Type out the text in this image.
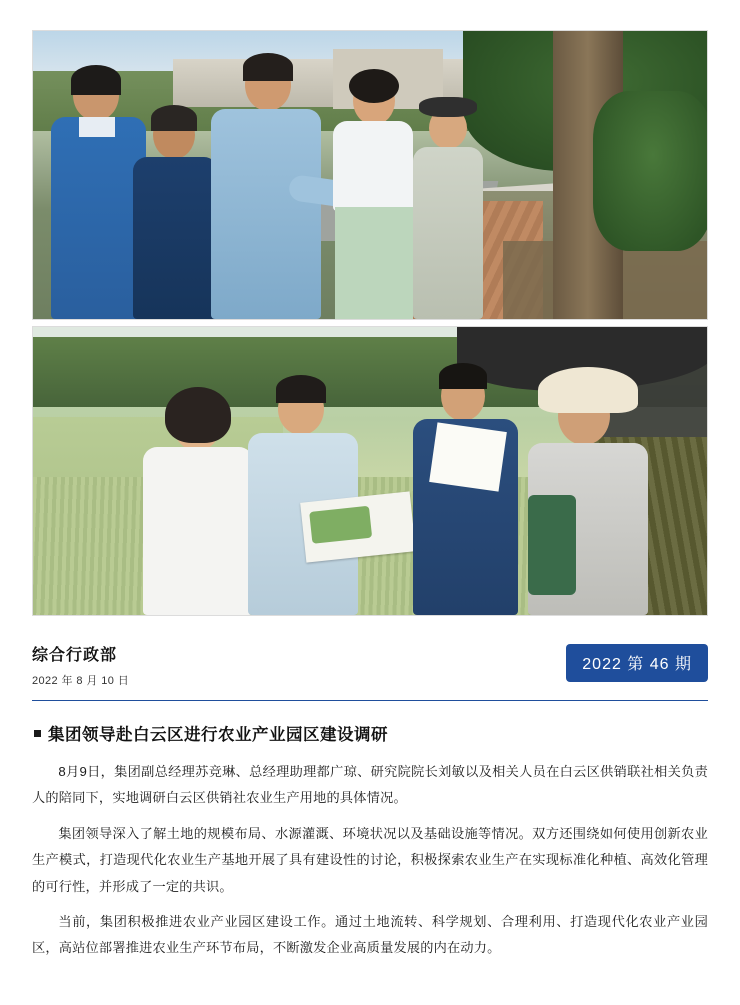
综合行政部
2022 年 8 月 10 日
2022 第 46 期
集团领导赴白云区进行农业产业园区建设调研

8月9日，集团副总经理苏竞琳、总经理助理都广琼、研究院院长刘敏以及相关人员在白云区供销联社相关负责人的陪同下，实地调研白云区供销社农业生产用地的具体情况。

集团领导深入了解土地的规模布局、水源灌溉、环境状况以及基础设施等情况。双方还围绕如何使用创新农业生产模式，打造现代化农业生产基地开展了具有建设性的讨论，积极探索农业生产在实现标准化种植、高效化管理的可行性，并形成了一定的共识。

当前，集团积极推进农业产业园区建设工作。通过土地流转、科学规划、合理利用、打造现代化农业产业园区，高站位部署推进农业生产环节布局，不断激发企业高质量发展的内在动力。
